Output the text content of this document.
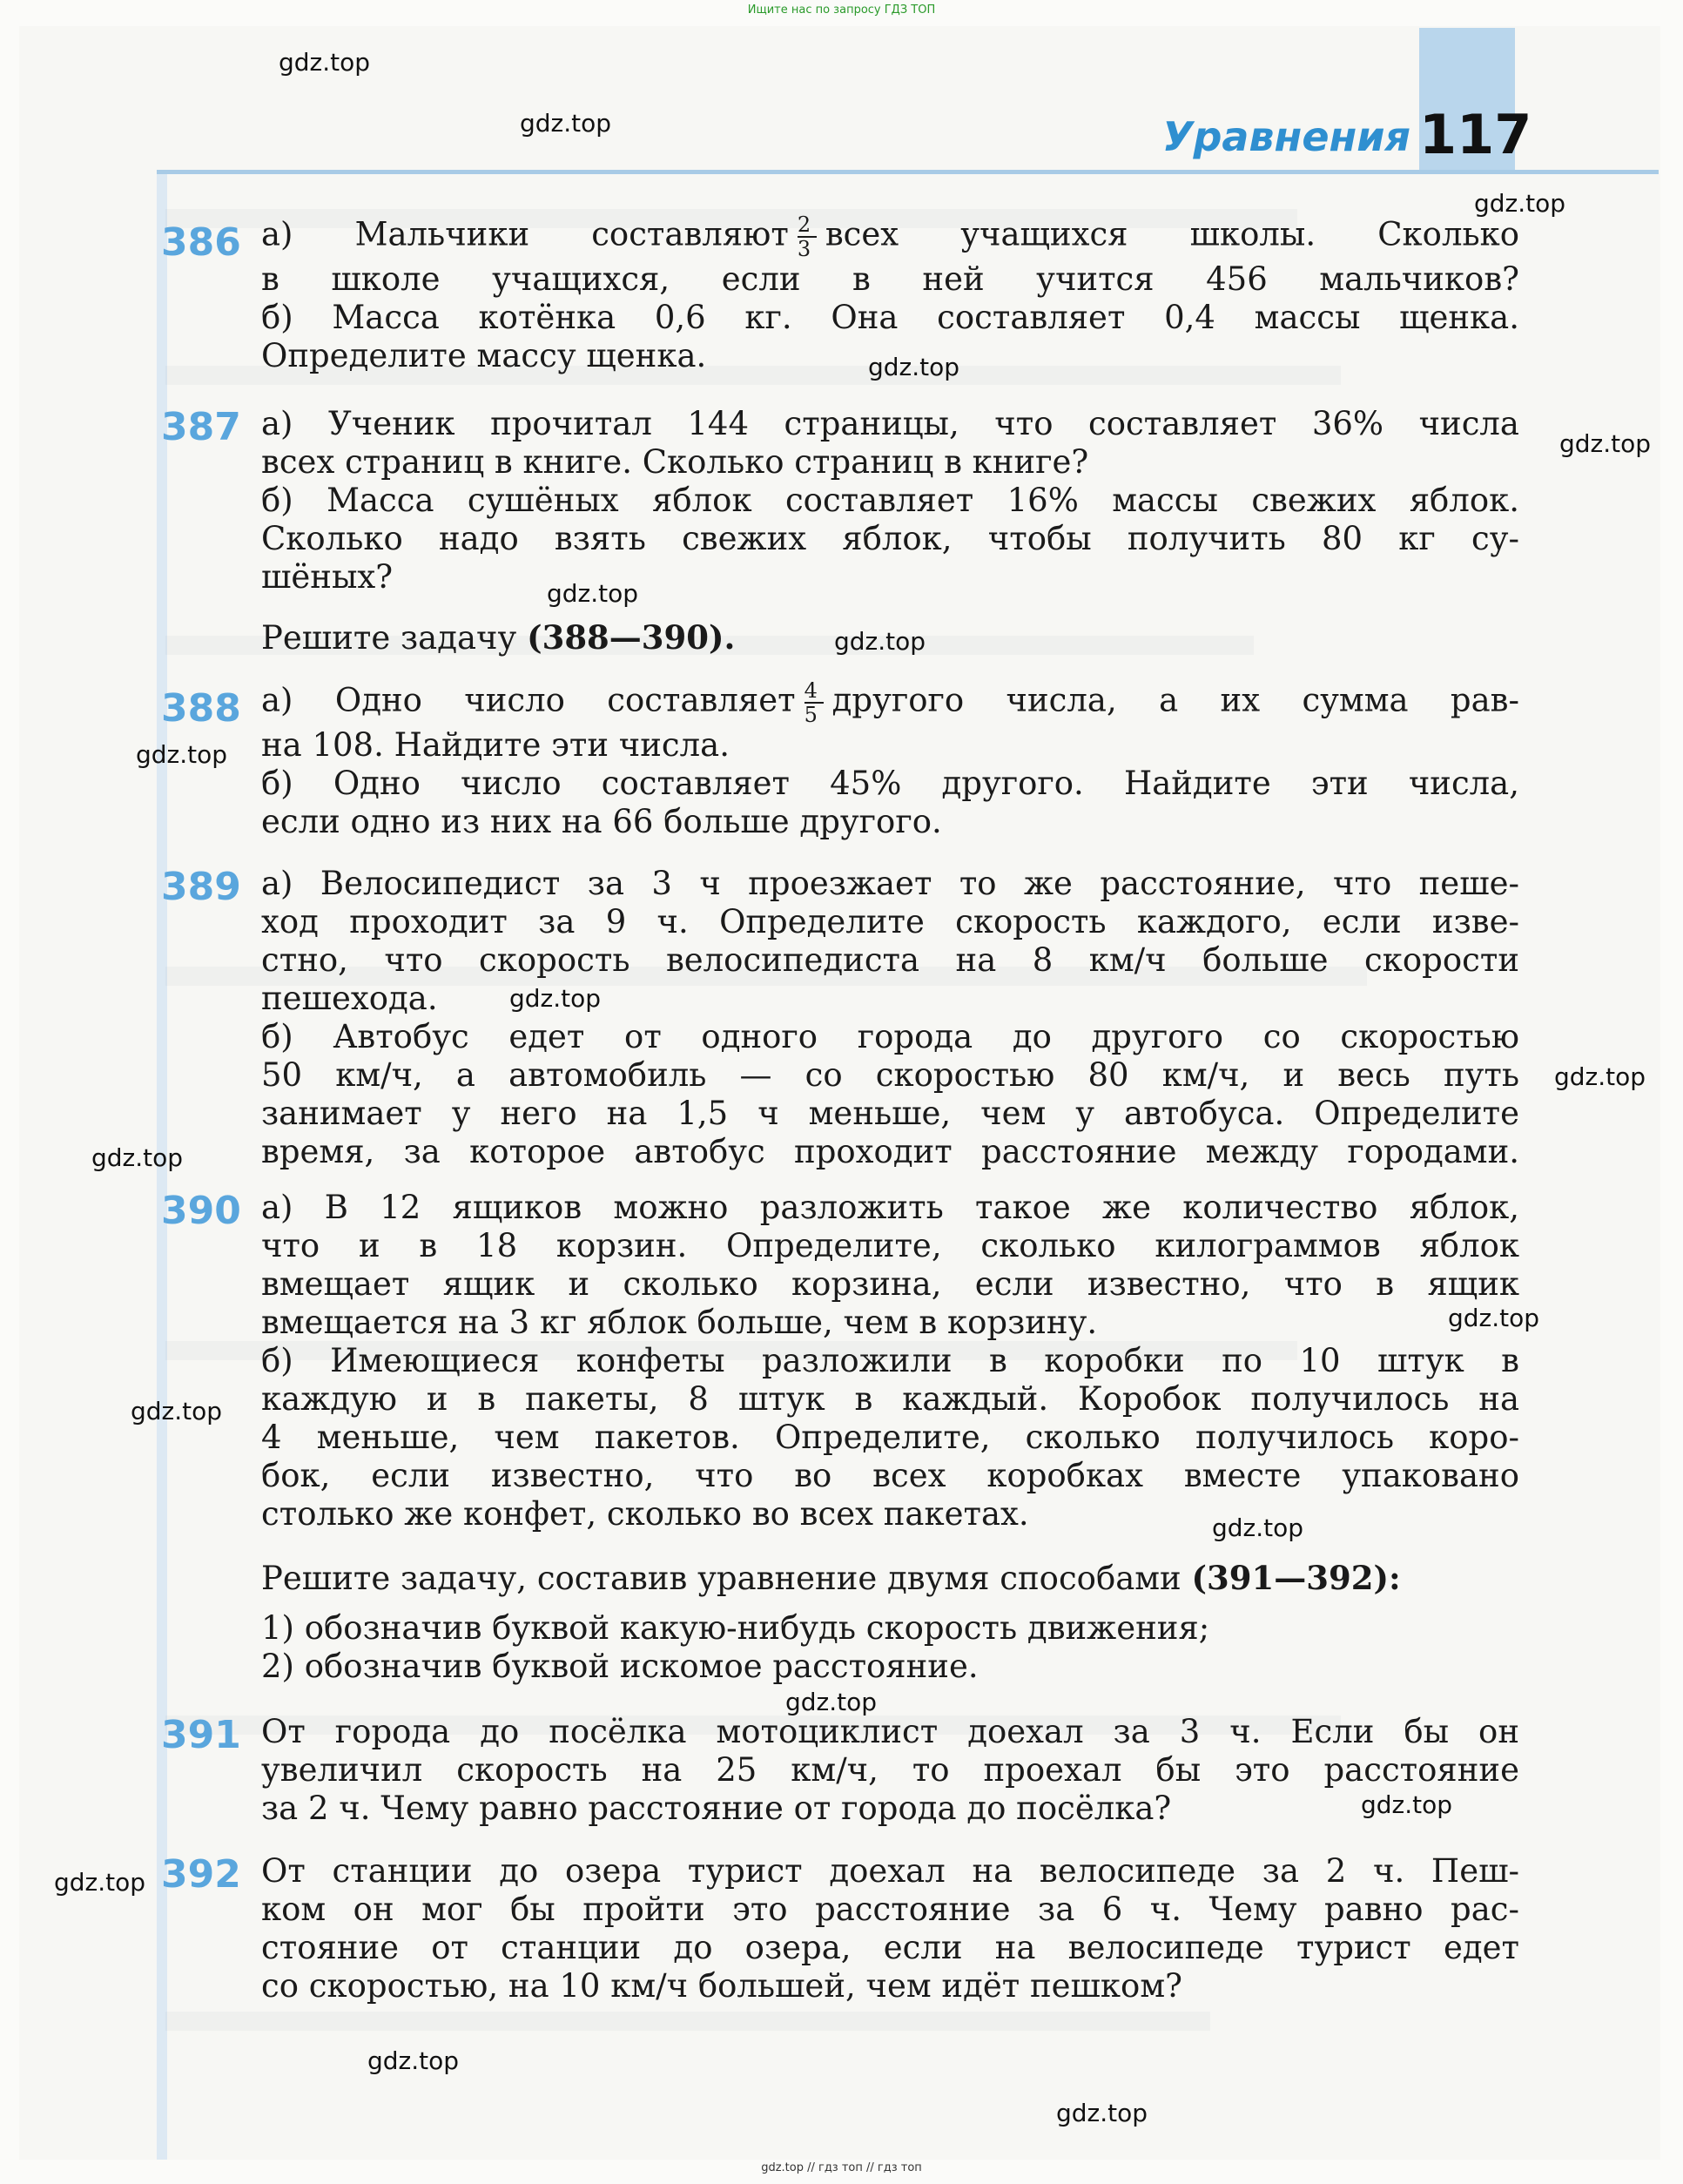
Ищите нас по запросу ГДЗ ТОП
Уравнения 117
gdz.top
gdz.top
gdz.top
gdz.top
gdz.top
gdz.top
gdz.top
gdz.top
gdz.top
gdz.top
gdz.top
gdz.top
gdz.top
gdz.top
gdz.top
gdz.top
gdz.top
gdz.top
gdz.top
386 а) Мальчики составляют $\frac{2}{3}$ всех учащихся школы. Сколько
в школе учащихся, если в ней учится 456 мальчиков?
б) Масса котёнка 0,6 кг. Она составляет 0,4 массы щенка.
Определите массу щенка.
387 а) Ученик прочитал 144 страницы, что составляет 36% числа
всех страниц в книге. Сколько страниц в книге?
б) Масса сушёных яблок составляет 16% массы свежих яблок.
Сколько надо взять свежих яблок, чтобы получить 80 кг су-
шёных?
Решите задачу (388—390).
388 а) Одно число составляет $\frac{4}{5}$ другого числа, а их сумма рав-
на 108. Найдите эти числа.
б) Одно число составляет 45% другого. Найдите эти числа,
если одно из них на 66 больше другого.
389 а) Велосипедист за 3 ч проезжает то же расстояние, что пеше-
ход проходит за 9 ч. Определите скорость каждого, если изве-
стно, что скорость велосипедиста на 8 км/ч больше скорости
пешехода.
б) Автобус едет от одного города до другого со скоростью
50 км/ч, а автомобиль — со скоростью 80 км/ч, и весь путь
занимает у него на 1,5 ч меньше, чем у автобуса. Определите
время, за которое автобус проходит расстояние между городами.
390 а) В 12 ящиков можно разложить такое же количество яблок,
что и в 18 корзин. Определите, сколько килограммов яблок
вмещает ящик и сколько корзина, если известно, что в ящик
вмещается на 3 кг яблок больше, чем в корзину.
б) Имеющиеся конфеты разложили в коробки по 10 штук в
каждую и в пакеты, 8 штук в каждый. Коробок получилось на
4 меньше, чем пакетов. Определите, сколько получилось коро-
бок, если известно, что во всех коробках вместе упаковано
столько же конфет, сколько во всех пакетах.
Решите задачу, составив уравнение двумя способами (391—392):
1) обозначив буквой какую-нибудь скорость движения;
2) обозначив буквой искомое расстояние.
391 От города до посёлка мотоциклист доехал за 3 ч. Если бы он
увеличил скорость на 25 км/ч, то проехал бы это расстояние
за 2 ч. Чему равно расстояние от города до посёлка?
392 От станции до озера турист доехал на велосипеде за 2 ч. Пеш-
ком он мог бы пройти это расстояние за 6 ч. Чему равно рас-
стояние от станции до озера, если на велосипеде турист едет
со скоростью, на 10 км/ч большей, чем идёт пешком?
gdz.top // гдз топ // гдз топ
